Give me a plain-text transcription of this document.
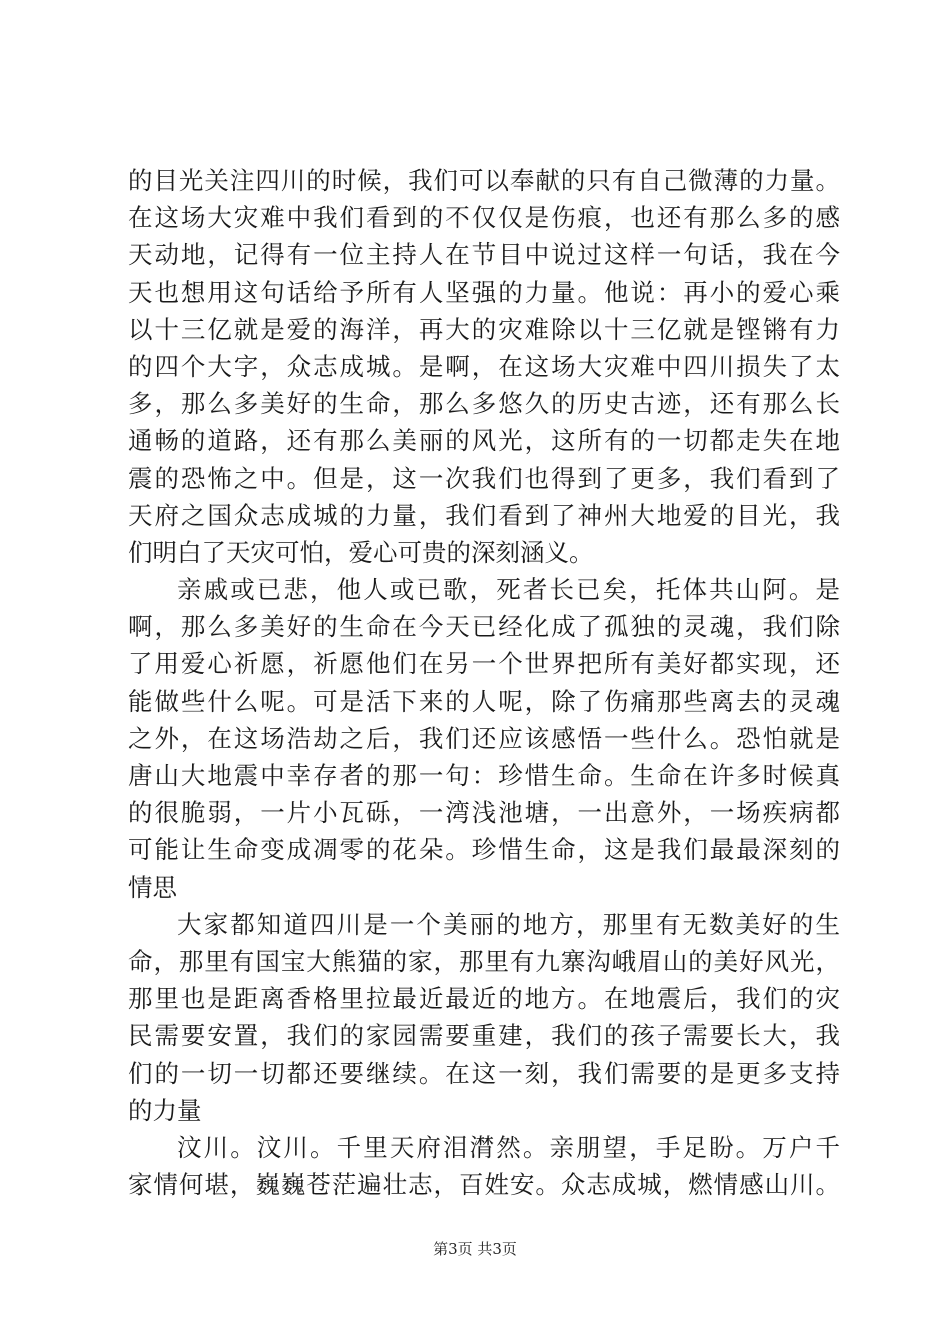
的目光关注四川的时候，我们可以奉献的只有自己微薄的力量。
在这场大灾难中我们看到的不仅仅是伤痕，也还有那么多的感
天动地，记得有一位主持人在节目中说过这样一句话，我在今
天也想用这句话给予所有人坚强的力量。他说：再小的爱心乘
以十三亿就是爱的海洋，再大的灾难除以十三亿就是铿锵有力
的四个大字，众志成城。是啊，在这场大灾难中四川损失了太
多，那么多美好的生命，那么多悠久的历史古迹，还有那么长
通畅的道路，还有那么美丽的风光，这所有的一切都走失在地
震的恐怖之中。但是，这一次我们也得到了更多，我们看到了
天府之国众志成城的力量，我们看到了神州大地爱的目光，我
们明白了天灾可怕，爱心可贵的深刻涵义。
亲戚或已悲，他人或已歌，死者长已矣，托体共山阿。是
啊，那么多美好的生命在今天已经化成了孤独的灵魂，我们除
了用爱心祈愿，祈愿他们在另一个世界把所有美好都实现，还
能做些什么呢。可是活下来的人呢，除了伤痛那些离去的灵魂
之外，在这场浩劫之后，我们还应该感悟一些什么。恐怕就是
唐山大地震中幸存者的那一句：珍惜生命。生命在许多时候真
的很脆弱，一片小瓦砾，一湾浅池塘，一出意外，一场疾病都
可能让生命变成凋零的花朵。珍惜生命，这是我们最最深刻的
情思
大家都知道四川是一个美丽的地方，那里有无数美好的生
命，那里有国宝大熊猫的家，那里有九寨沟峨眉山的美好风光，
那里也是距离香格里拉最近最近的地方。在地震后，我们的灾
民需要安置，我们的家园需要重建，我们的孩子需要长大，我
们的一切一切都还要继续。在这一刻，我们需要的是更多支持
的力量
汶川。汶川。千里天府泪潸然。亲朋望，手足盼。万户千
家情何堪，巍巍苍茫遍壮志，百姓安。众志成城，燃情感山川。
第3页 共3页
